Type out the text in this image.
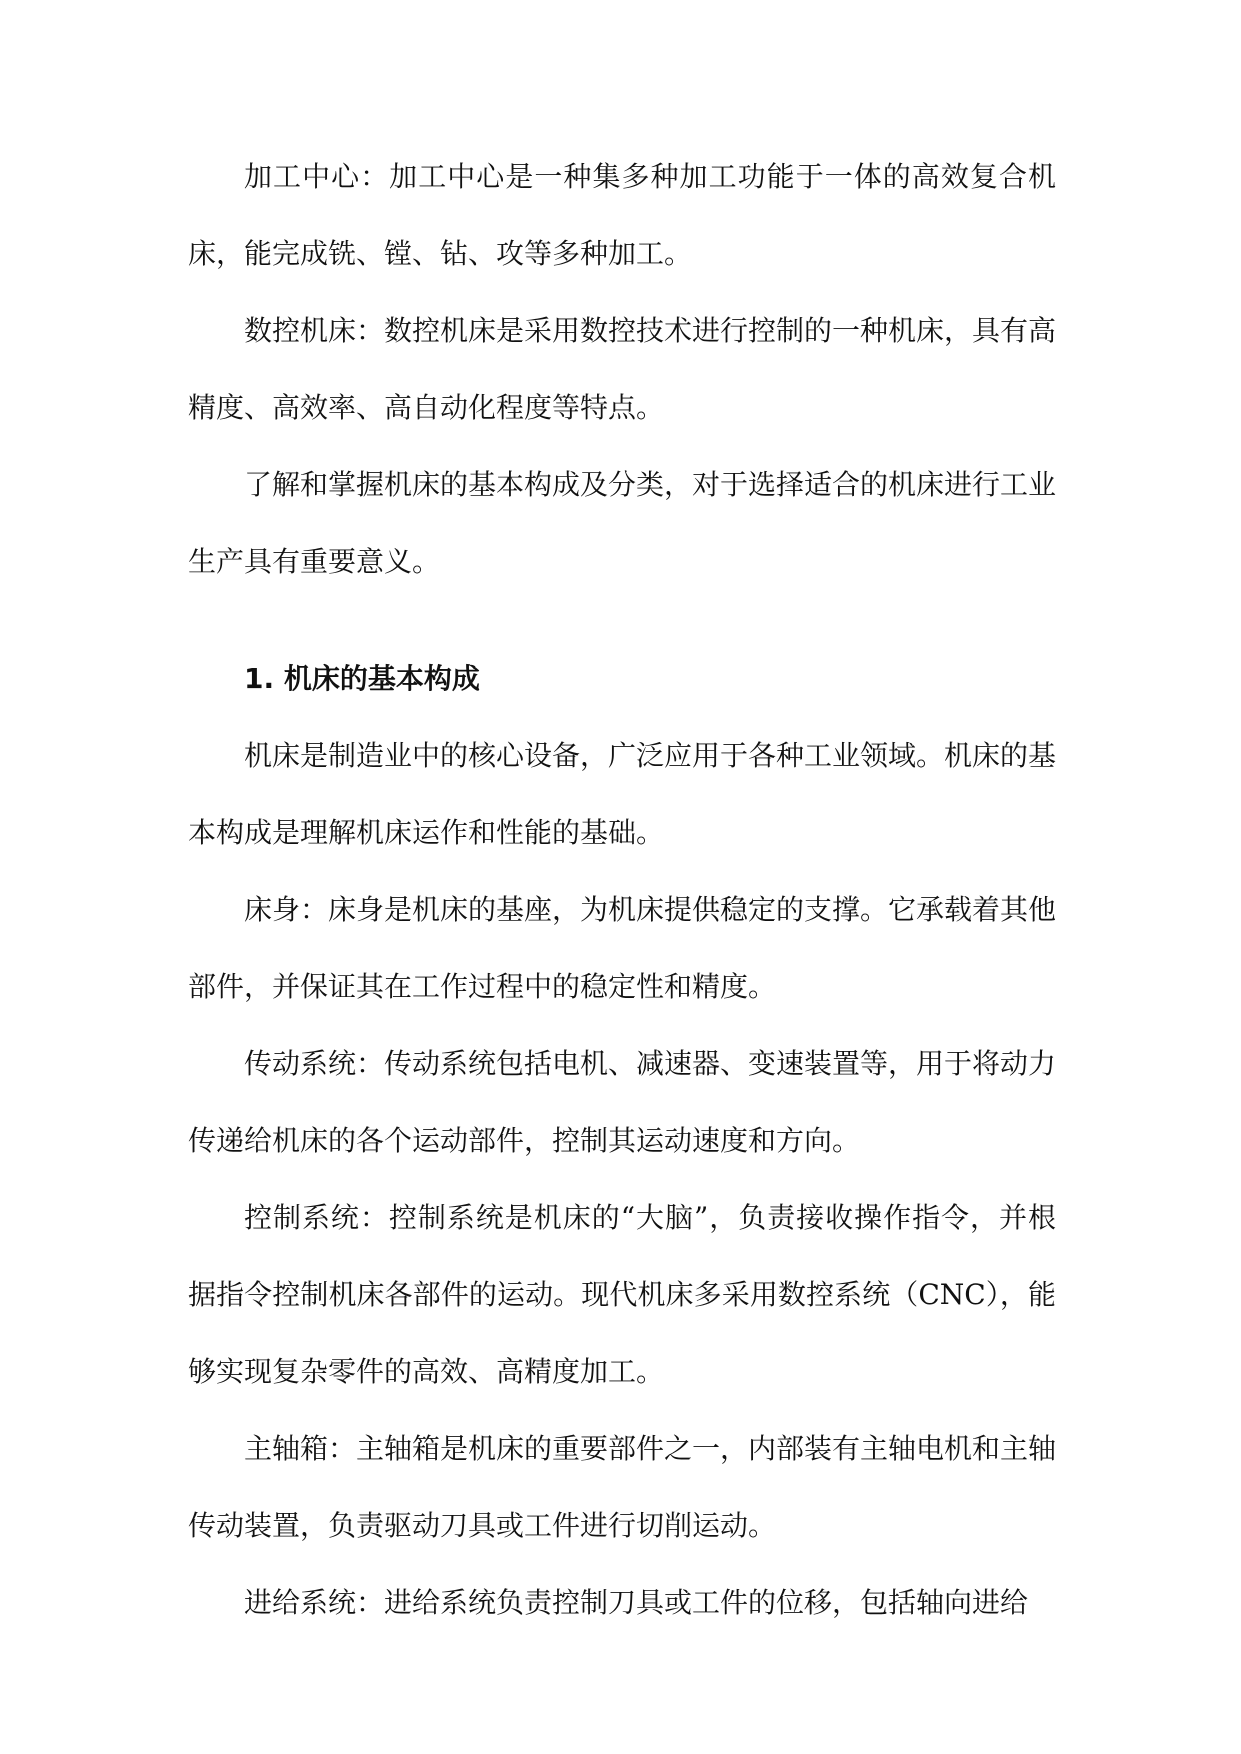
加工中心：加工中心是一种集多种加工功能于一体的高效复合机床，能完成铣、镗、钻、攻等多种加工。

数控机床：数控机床是采用数控技术进行控制的一种机床，具有高精度、高效率、高自动化程度等特点。

了解和掌握机床的基本构成及分类，对于选择适合的机床进行工业生产具有重要意义。

1. 机床的基本构成

机床是制造业中的核心设备，广泛应用于各种工业领域。机床的基本构成是理解机床运作和性能的基础。

床身：床身是机床的基座，为机床提供稳定的支撑。它承载着其他部件，并保证其在工作过程中的稳定性和精度。

传动系统：传动系统包括电机、减速器、变速装置等，用于将动力传递给机床的各个运动部件，控制其运动速度和方向。

控制系统：控制系统是机床的“大脑”，负责接收操作指令，并根据指令控制机床各部件的运动。现代机床多采用数控系统（CNC），能够实现复杂零件的高效、高精度加工。

主轴箱：主轴箱是机床的重要部件之一，内部装有主轴电机和主轴传动装置，负责驱动刀具或工件进行切削运动。

进给系统：进给系统负责控制刀具或工件的位移，包括轴向进给
